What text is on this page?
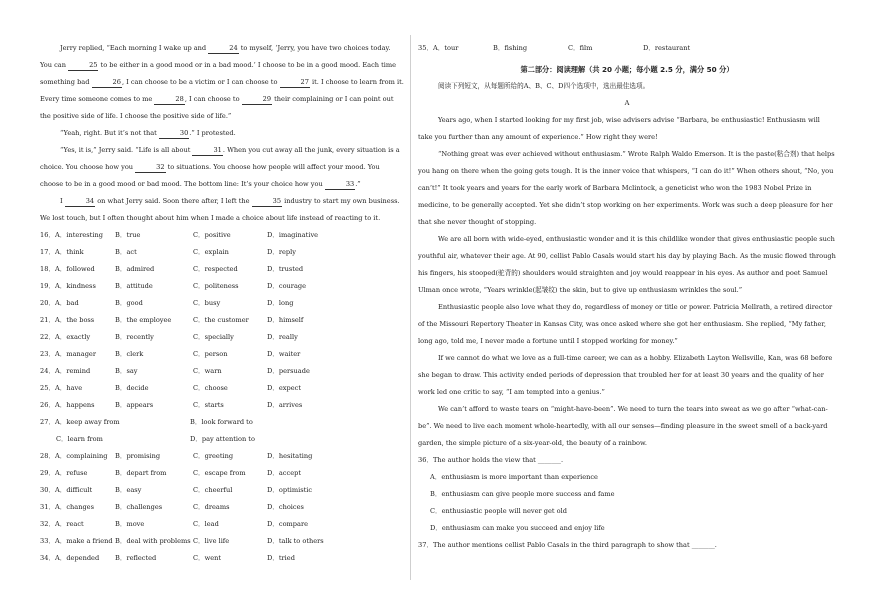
Jerry replied, “Each morning I wake up and	24 to myself, ‘Jerry, you have two choices today. You can	25 to be either in a good mood or in a bad mood.’ I choose to be in a good mood. Each time something bad	26, I can choose to be a victim or I can choose to	27 it. I choose to learn from it. Every time someone comes to me	28, I can choose to	29 their complaining or I can point out the positive side of life. I choose the positive side of life.”

“Yeah, right. But it’s not that	30.” I protested.

“Yes, it is,” Jerry said. “Life is all about	31. When you cut away all the junk, every situation is a choice. You choose how you	32 to situations. You choose how people will affect your mood. You choose to be in a good mood or bad mood. The bottom line: It’s your choice how you	33.”

I	34 on what Jerry said. Soon there after, I left the	35 industry to start my own business. We lost touch, but I often thought about him when I made a choice about life instead of reacting to it.

16．A．interesting	B．true	C．positive	D．imaginative
17．A．think	B．act	C．explain	D．reply
18．A．followed	B．admired	C．respected	D．trusted
19．A．kindness	B．attitude	C．politeness	D．courage
20．A．bad	B．good	C．busy	D．long
21．A．the boss	B．the employee	C．the customer	D．himself
22．A．exactly	B．recently	C．specially	D．really
23．A．manager	B．clerk	C．person	D．waiter
24．A．remind	B．say	C．warn	D．persuade
25．A．have	B．decide	C．choose	D．expect
26．A．happens	B．appears	C．starts	D．arrives
27．A．keep away from	B．look forward to
C．learn from	D．pay attention to
28．A．complaining	B．promising	C．greeting	D．hesitating
29．A．refuse	B．depart from	C．escape from	D．accept
30．A．difficult	B．easy	C．cheerful	D．optimistic
31．A．changes	B．challenges	C．dreams	D．choices
32．A．react	B．move	C．lead	D．compare
33．A．make a friend B．deal with problems C．live life	D．talk to others
34．A．depended	B．reflected	C．went	D．tried
35．A．tour	B．fishing	C．film	D．restaurant
第二部分：阅读理解（共 20 小题；每小题 2.5 分，满分 50 分）

阅读下列短文，从每题所给的A、B、C、D四个选项中，选出最佳选项。

A

Years ago, when I started looking for my first job, wise advisers advise “Barbara, be enthusiastic! Enthusiasm will take you further than any amount of experience.” How right they were!

“Nothing great was ever achieved without enthusiasm.” Wrote Ralph Waldo Emerson. It is the paste(粘合剂) that helps you hang on there when the going gets tough. It is the inner voice that whispers, “I can do it!” When others shout, “No, you can’t!” It took years and years for the early work of Barbara Mclintock, a geneticist who won the 1983 Nobel Prize in medicine, to be generally accepted. Yet she didn’t stop working on her experiments. Work was such a deep pleasure for her that she never thought of stopping.

We are all born with wide-eyed, enthusiastic wonder and it is this childlike wonder that gives enthusiastic people such youthful air, whatever their age. At 90, cellist Pablo Casals would start his day by playing Bach. As the music flowed through his fingers, his stooped(驼背的) shoulders would straighten and joy would reappear in his eyes. As author and poet Samuel Ulman once wrote, “Years wrinkle(起皱纹) the skin, but to give up enthusiasm wrinkles the soul.”

Enthusiastic people also love what they do, regardless of money or title or power. Patricia Mellrath, a retired director of the Missouri Repertory Theater in Kansas City, was once asked where she got her enthusiasm. She replied, “My father, long ago, told me, I never made a fortune until I stopped working for money.”

If we cannot do what we love as a full-time career, we can as a hobby. Elizabeth Layton Wellsville, Kan, was 68 before she began to draw. This activity ended periods of depression that troubled her for at least 30 years and the quality of her work led one critic to say, “I am tempted into a genius.”

We can’t afford to waste tears on “might-have-been”. We need to turn the tears into sweat as we go after “what-can-be”. We need to live each moment whole-heartedly, with all our senses—finding pleasure in the sweet smell of a back-yard garden, the simple picture of a six-year-old, the beauty of a rainbow.

36．The author holds the view that _______.

A．enthusiasm is more important than experience

B．enthusiasm can give people more success and fame

C．enthusiastic people will never get old

D．enthusiasm can make you succeed and enjoy life

37．The author mentions cellist Pablo Casals in the third paragraph to show that _______.
